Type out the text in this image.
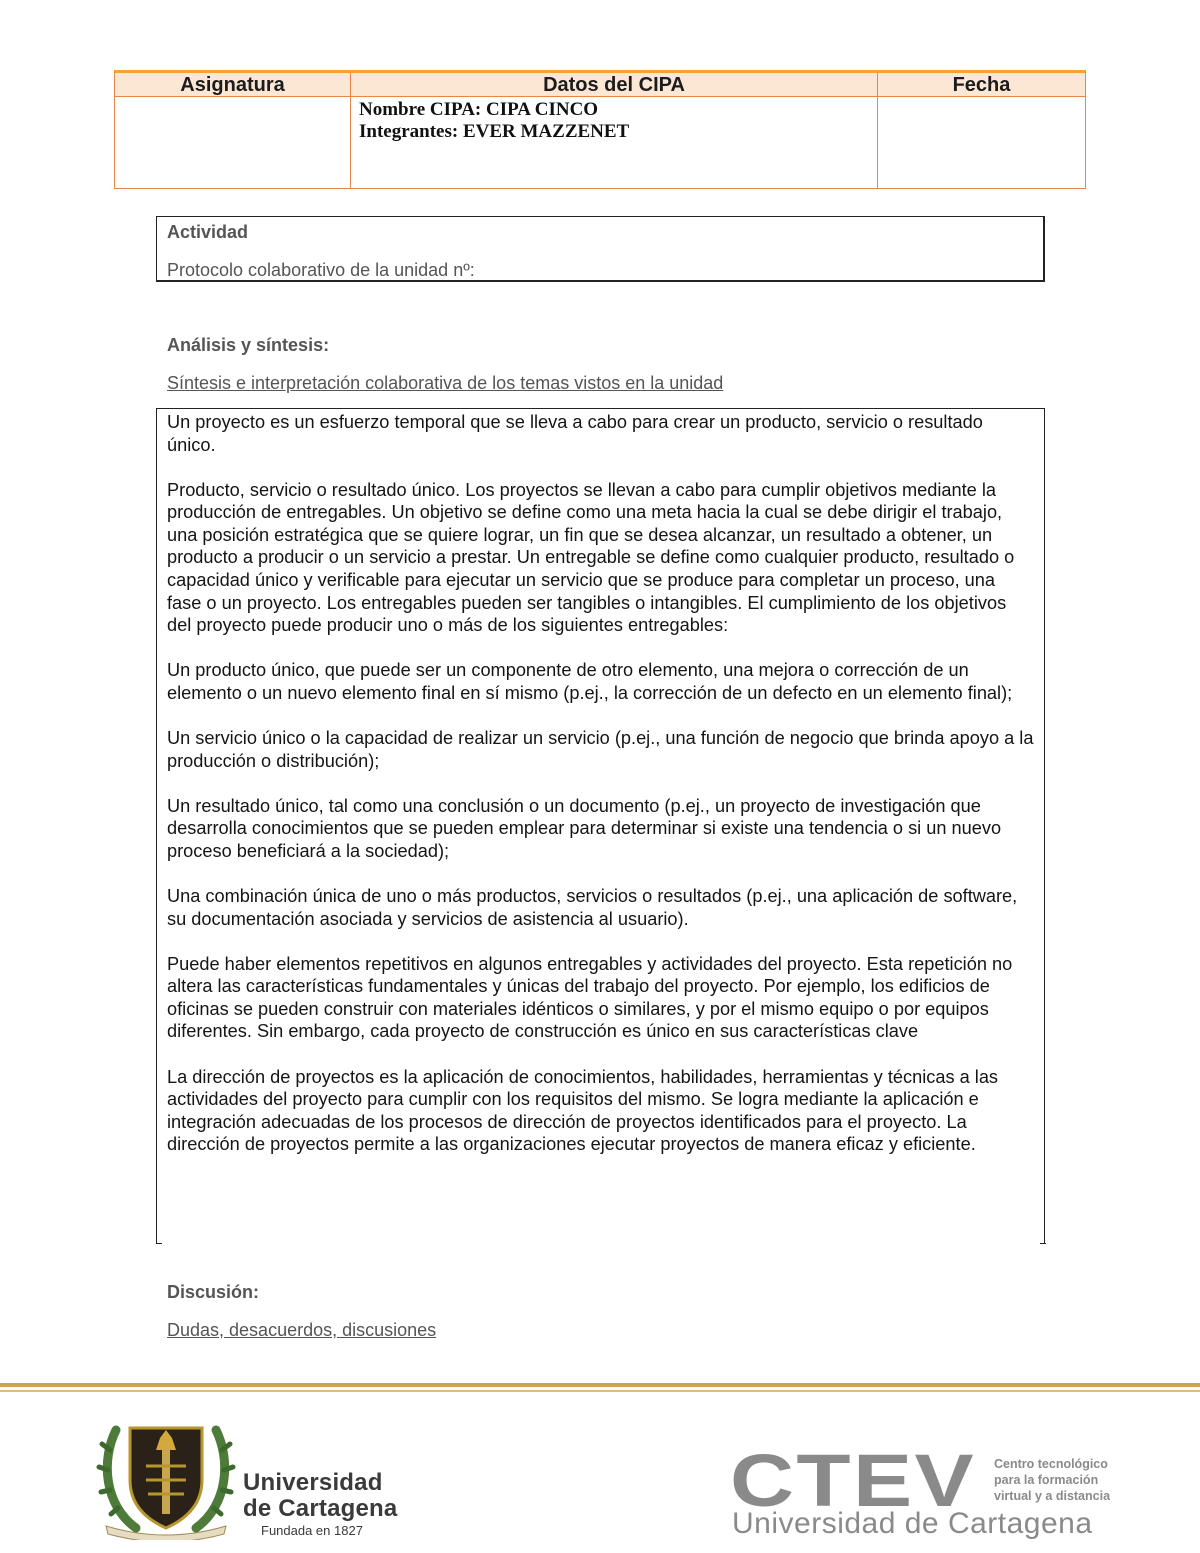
Asignatura	Datos del CIPA
Nombre CIPA: CIPA CINCO
Integrantes: EVER MAZZENET
Fecha
Actividad
Protocolo colaborativo de la unidad nº:
Análisis y síntesis:
Síntesis e interpretación colaborativa de los temas vistos en la unidad

Un proyecto es un esfuerzo temporal que se lleva a cabo para crear un producto, servicio o resultado único.

Producto, servicio o resultado único. Los proyectos se llevan a cabo para cumplir objetivos mediante la producción de entregables. Un objetivo se define como una meta hacia la cual se debe dirigir el trabajo, una posición estratégica que se quiere lograr, un fin que se desea alcanzar, un resultado a obtener, un producto a producir o un servicio a prestar. Un entregable se define como cualquier producto, resultado o capacidad único y verificable para ejecutar un servicio que se produce para completar un proceso, una fase o un proyecto. Los entregables pueden ser tangibles o intangibles. El cumplimiento de los objetivos del proyecto puede producir uno o más de los siguientes entregables:

Un producto único, que puede ser un componente de otro elemento, una mejora o corrección de un elemento o un nuevo elemento final en sí mismo (p.ej., la corrección de un defecto en un elemento final);

Un servicio único o la capacidad de realizar un servicio (p.ej., una función de negocio que brinda apoyo a la producción o distribución);

Un resultado único, tal como una conclusión o un documento (p.ej., un proyecto de investigación que desarrolla conocimientos que se pueden emplear para determinar si existe una tendencia o si un nuevo proceso beneficiará a la sociedad);

Una combinación única de uno o más productos, servicios o resultados (p.ej., una aplicación de software, su documentación asociada y servicios de asistencia al usuario).

Puede haber elementos repetitivos en algunos entregables y actividades del proyecto. Esta repetición no altera las características fundamentales y únicas del trabajo del proyecto. Por ejemplo, los edificios de oficinas se pueden construir con materiales idénticos o similares, y por el mismo equipo o por equipos diferentes. Sin embargo, cada proyecto de construcción es único en sus características clave

La dirección de proyectos es la aplicación de conocimientos, habilidades, herramientas y técnicas a las actividades del proyecto para cumplir con los requisitos del mismo. Se logra mediante la aplicación e integración adecuadas de los procesos de dirección de proyectos identificados para el proyecto. La dirección de proyectos permite a las organizaciones ejecutar proyectos de manera eficaz y eficiente.

Discusión:
Dudas, desacuerdos, discusiones
Universidad
de Cartagena
Fundada en 1827
CTEV Centro tecnológico
para la formación
virtual y a distancia
Universidad de Cartagena
